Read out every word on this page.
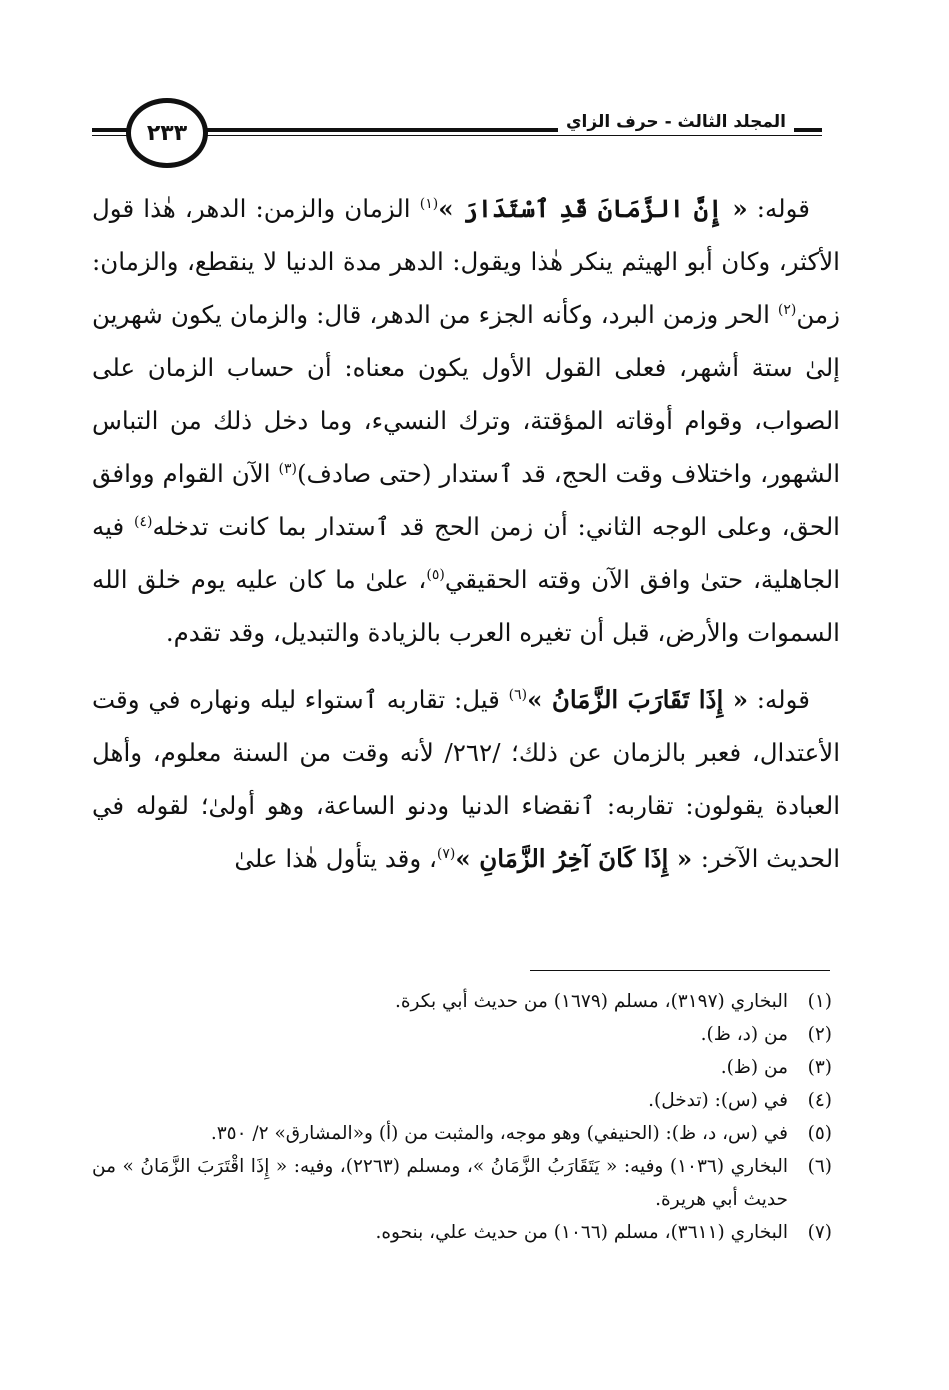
٢٣٣	المجلد الثالث - حرف الزاي

قوله: « إِنَّ الزَّمَانَ قَدِ ٱسْتَدَارَ »$^{(١)}$ الزمان والزمن: الدهر، هٰذا قول الأكثر، وكان أبو الهيثم ينكر هٰذا ويقول: الدهر مدة الدنيا لا ينقطع، والزمان: زمن$^{(٢)}$ الحر وزمن البرد، وكأنه الجزء من الدهر، قال: والزمان يكون شهرين إلىٰ ستة أشهر، فعلى القول الأول يكون معناه: أن حساب الزمان على الصواب، وقوام أوقاته المؤقتة، وترك النسيء، وما دخل ذلك من التباس الشهور، واختلاف وقت الحج، قد ٱستدار (حتى صادف)$^{(٣)}$ الآن القوام ووافق الحق، وعلى الوجه الثاني: أن زمن الحج قد ٱستدار بما كانت تدخله$^{(٤)}$ فيه الجاهلية، حتىٰ وافق الآن وقته الحقيقي$^{(٥)}$، علىٰ ما كان عليه يوم خلق الله السموات والأرض، قبل أن تغيره العرب بالزيادة والتبديل، وقد تقدم.

قوله: « إِذَا تَقَارَبَ الزَّمَانُ »$^{(٦)}$ قيل: تقاربه ٱستواء ليله ونهاره في وقت الأعتدال، فعبر بالزمان عن ذلك؛ /٢٦٢/ لأنه وقت من السنة معلوم، وأهل العبادة يقولون: تقاربه: ٱنقضاء الدنيا ودنو الساعة، وهو أولىٰ؛ لقوله في الحديث الآخر: « إِذَا كَانَ آخِرُ الزَّمَانِ »$^{(٧)}$، وقد يتأول هٰذا علىٰ

(١)
البخاري (٣١٩٧)، مسلم (١٦٧٩) من حديث أبي بكرة.
(٢)
من (د، ظ).
(٣)
من (ظ).
(٤)
في (س): (تدخل).
(٥)
في (س، د، ظ): (الحنيفي) وهو موجه، والمثبت من (أ) و«المشارق» ٢/ ٣٥٠.
(٦)
البخاري (١٠٣٦) وفيه: « يَتَقَارَبُ الزَّمَانُ »، ومسلم (٢٢٦٣)، وفيه: « إِذَا اقْتَرَبَ الزَّمَانُ » من حديث أبي هريرة.
(٧)
البخاري (٣٦١١)، مسلم (١٠٦٦) من حديث علي، بنحوه.
